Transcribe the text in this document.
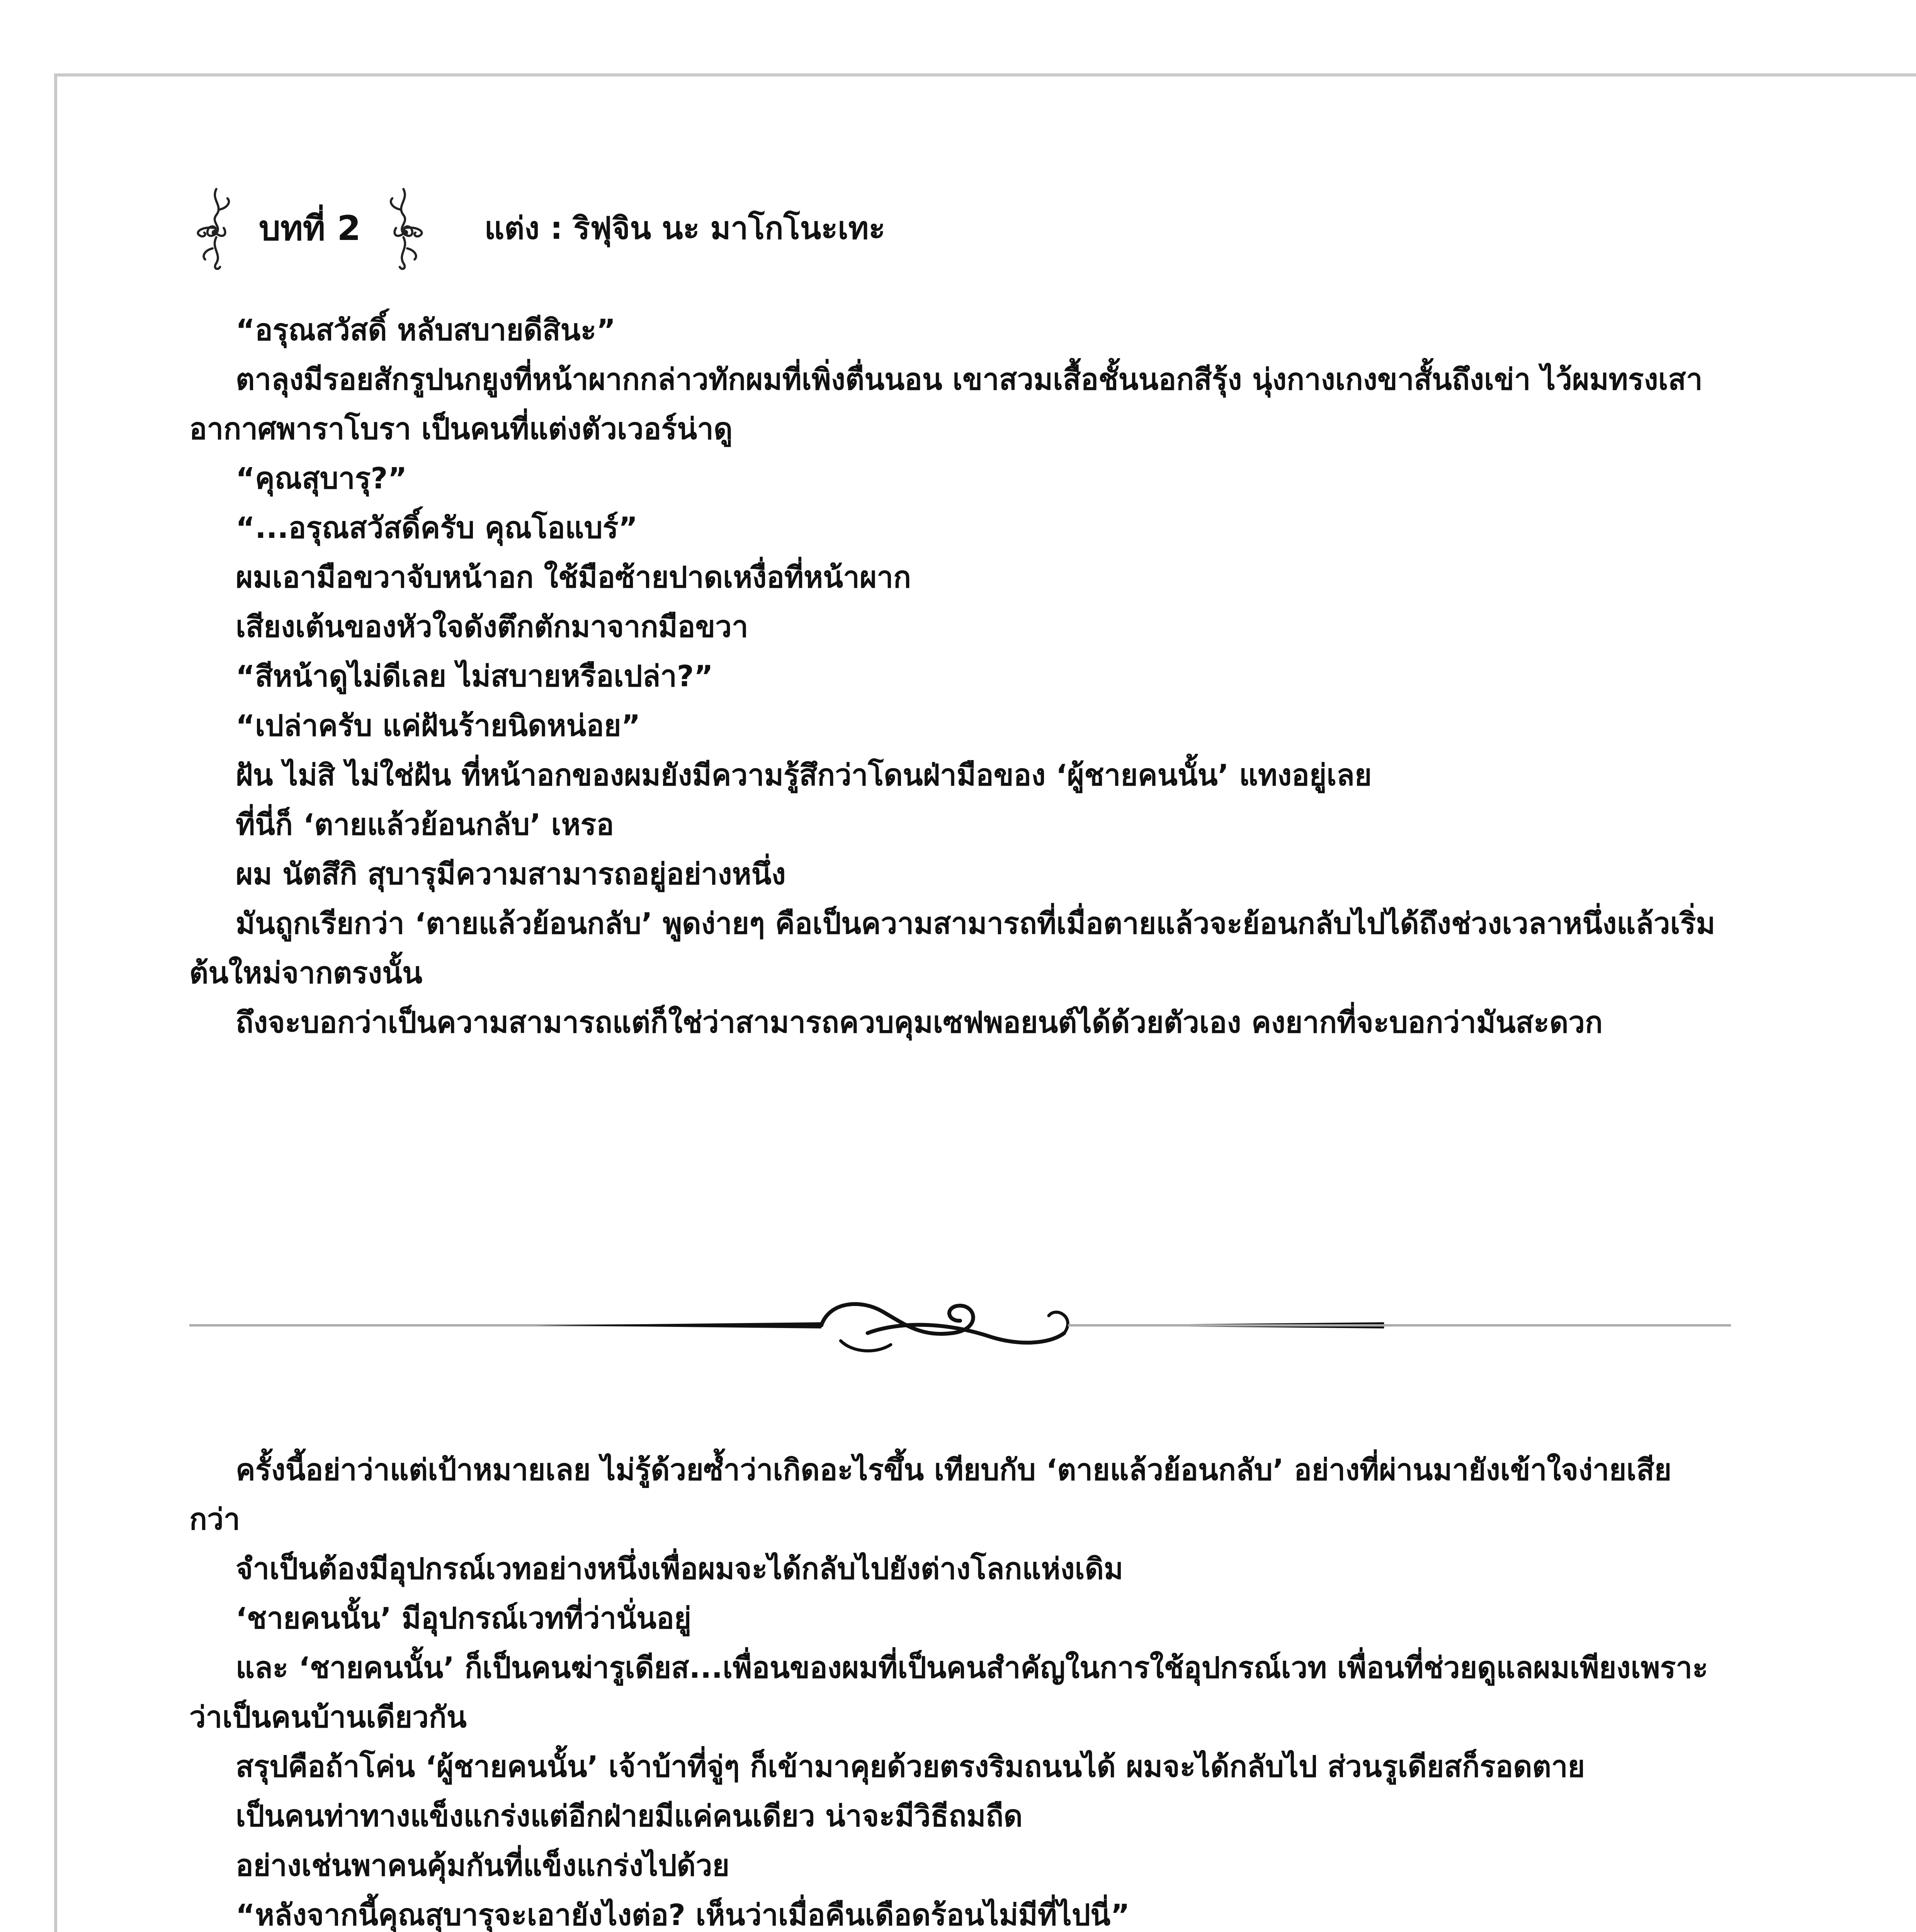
บทที่ 2	แต่ง : ริฟุจิน นะ มาโกโนะเทะ

“อรุณสวัสดิ์ หลับสบายดีสินะ”

ตาลุงมีรอยสักรูปนกยูงที่หน้าผากกล่าวทักผมที่เพิ่งตื่นนอน เขาสวมเสื้อชั้นนอกสีรุ้ง นุ่งกางเกงขาสั้นถึงเข่า ไว้ผมทรงเสาอากาศพาราโบรา เป็นคนที่แต่งตัวเวอร์น่าดู

“คุณสุบารุ?”

“...อรุณสวัสดิ์ครับ คุณโอแบร์”

ผมเอามือขวาจับหน้าอก ใช้มือซ้ายปาดเหงื่อที่หน้าผาก

เสียงเต้นของหัวใจดังตึกตักมาจากมือขวา

“สีหน้าดูไม่ดีเลย ไม่สบายหรือเปล่า?”

“เปล่าครับ แค่ฝันร้ายนิดหน่อย”

ฝัน ไม่สิ ไม่ใช่ฝัน ที่หน้าอกของผมยังมีความรู้สึกว่าโดนฝ่ามือของ ‘ผู้ชายคนนั้น’ แทงอยู่เลย

ที่นี่ก็ ‘ตายแล้วย้อนกลับ’ เหรอ

ผม นัตสึกิ สุบารุมีความสามารถอยู่อย่างหนึ่ง

มันถูกเรียกว่า ‘ตายแล้วย้อนกลับ’ พูดง่ายๆ คือเป็นความสามารถที่เมื่อตายแล้วจะย้อนกลับไปได้ถึงช่วงเวลาหนึ่งแล้วเริ่มต้นใหม่จากตรงนั้น

ถึงจะบอกว่าเป็นความสามารถแต่ก็ใช่ว่าสามารถควบคุมเซฟพอยนต์ได้ด้วยตัวเอง คงยากที่จะบอกว่ามันสะดวก

ครั้งนี้อย่าว่าแต่เป้าหมายเลย ไม่รู้ด้วยซ้ำว่าเกิดอะไรขึ้น เทียบกับ ‘ตายแล้วย้อนกลับ’ อย่างที่ผ่านมายังเข้าใจง่ายเสียกว่า

จำเป็นต้องมีอุปกรณ์เวทอย่างหนึ่งเพื่อผมจะได้กลับไปยังต่างโลกแห่งเดิม

‘ชายคนนั้น’ มีอุปกรณ์เวทที่ว่านั่นอยู่

และ ‘ชายคนนั้น’ ก็เป็นคนฆ่ารูเดียส...เพื่อนของผมที่เป็นคนสำคัญในการใช้อุปกรณ์เวท เพื่อนที่ช่วยดูแลผมเพียงเพราะว่าเป็นคนบ้านเดียวกัน

สรุปคือถ้าโค่น ‘ผู้ชายคนนั้น’ เจ้าบ้าที่จู่ๆ ก็เข้ามาคุยด้วยตรงริมถนนได้ ผมจะได้กลับไป ส่วนรูเดียสก็รอดตาย

เป็นคนท่าทางแข็งแกร่งแต่อีกฝ่ายมีแค่คนเดียว น่าจะมีวิธีถมถืด

อย่างเช่นพาคนคุ้มกันที่แข็งแกร่งไปด้วย

“หลังจากนี้คุณสุบารุจะเอายังไงต่อ? เห็นว่าเมื่อคืนเดือดร้อนไม่มีที่ไปนี่”
